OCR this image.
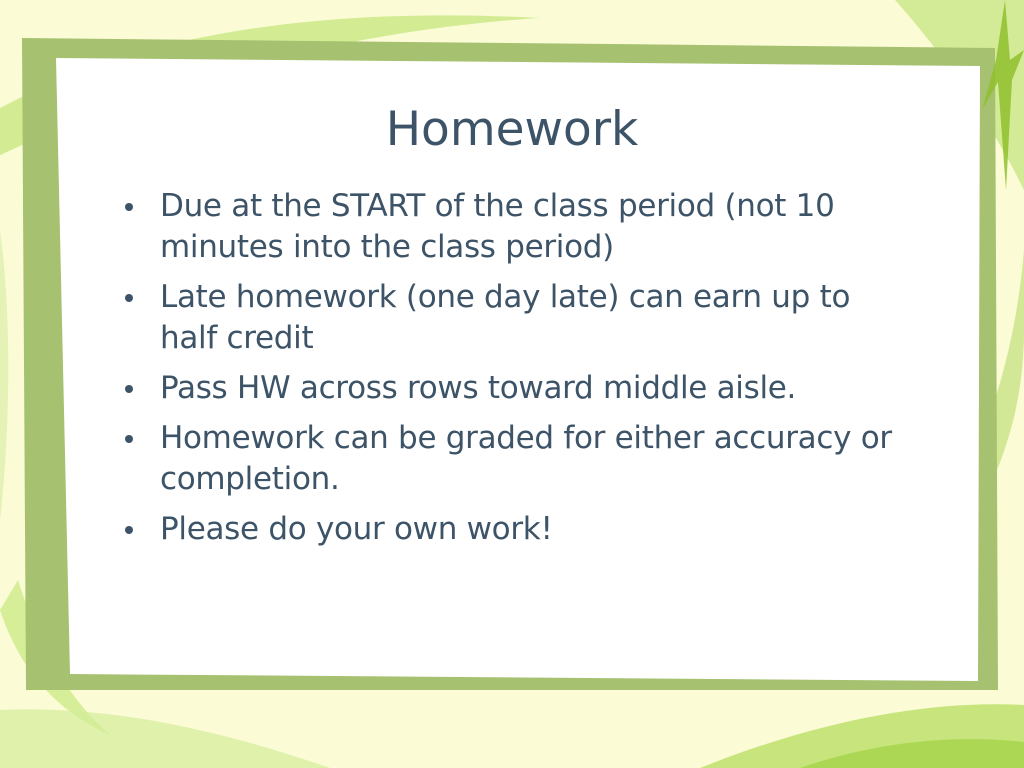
Homework
Due at the START of the class period (not 10 minutes into the class period)
Late homework (one day late) can earn up to half credit
Pass HW across rows toward middle aisle.
Homework can be graded for either accuracy or completion.
Please do your own work!
